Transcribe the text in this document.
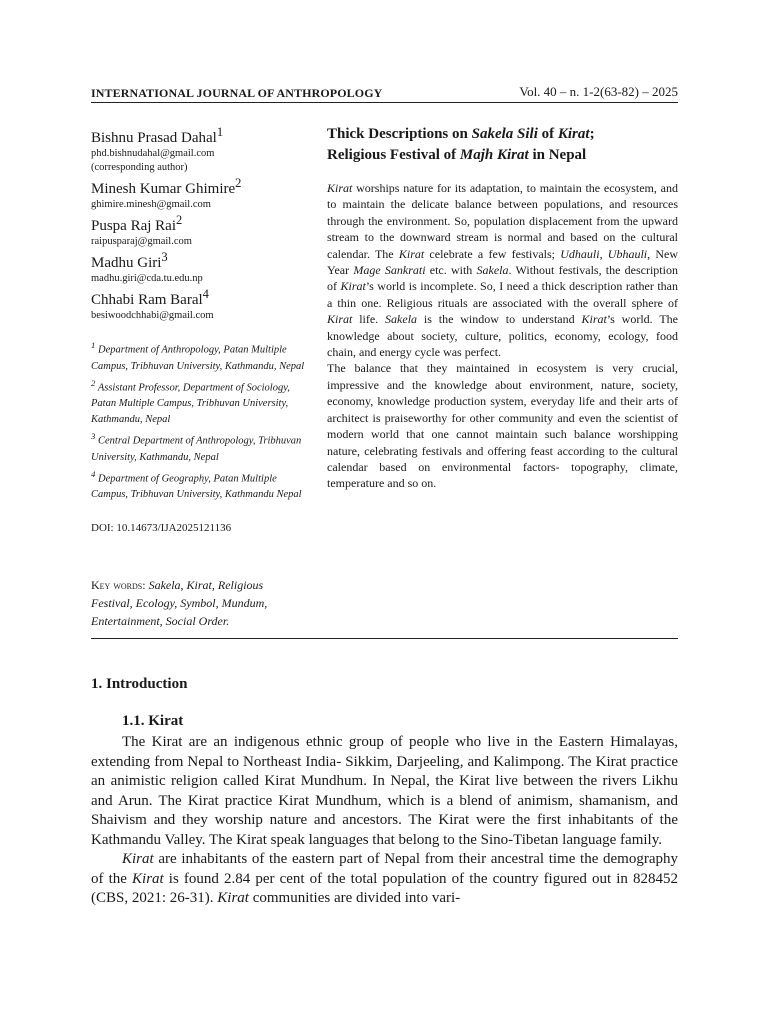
INTERNATIONAL JOURNAL OF ANTHROPOLOGY	Vol. 40 – n. 1-2(63-82) – 2025
Bishnu Prasad Dahal$^1$
phd.bishnudahal@gmail.com
(corresponding author)
Minesh Kumar Ghimire$^2$
ghimire.minesh@gmail.com
Puspa Raj Rai$^2$
raipusparaj@gmail.com
Madhu Giri$^3$
madhu.giri@cda.tu.edu.np
Chhabi Ram Baral$^4$
besiwoodchhabi@gmail.com
$^1$ Department of Anthropology, Patan Multiple Campus, Tribhuvan University, Kathmandu, Nepal
$^2$ Assistant Professor, Department of Sociology, Patan Multiple Campus, Tribhuvan University, Kathmandu, Nepal
$^3$ Central Department of Anthropology, Tribhuvan University, Kathmandu, Nepal
$^4$ Department of Geography, Patan Multiple Campus, Tribhuvan University, Kathmandu Nepal
DOI: 10.14673/IJA2025121136
Key words: Sakela, Kirat, Religious Festival, Ecology, Symbol, Mundum, Entertainment, Social Order.
Thick Descriptions on Sakela Sili of Kirat;
Religious Festival of Majh Kirat in Nepal

Kirat worships nature for its adaptation, to maintain the ecosystem, and to maintain the delicate balance between populations, and resources through the environment. So, population displacement from the upward stream to the downward stream is normal and based on the cultural calendar. The Kirat celebrate a few festivals; Udhauli, Ubhauli, New Year Mage Sankrati etc. with Sakela. Without festivals, the description of Kirat’s world is incomplete. So, I need a thick description rather than a thin one. Religious rituals are associated with the overall sphere of Kirat life. Sakela is the window to understand Kirat’s world. The knowledge about society, culture, politics, economy, ecology, food chain, and energy cycle was perfect.

The balance that they maintained in ecosystem is very crucial, impressive and the knowledge about environment, nature, society, economy, knowledge production system, everyday life and their arts of architect is praiseworthy for other community and even the scientist of modern world that one cannot maintain such balance worshipping nature, celebrating festivals and offering feast according to the cultural calendar based on environmental factors- topography, climate, temperature and so on.

1. Introduction
1.1. Kirat

The Kirat are an indigenous ethnic group of people who live in the Eastern Himalayas, extending from Nepal to Northeast India- Sikkim, Darjeeling, and Kalimpong. The Kirat practice an animistic religion called Kirat Mundhum. In Nepal, the Kirat live between the rivers Likhu and Arun. The Kirat practice Kirat Mundhum, which is a blend of animism, shamanism, and Shaivism and they worship nature and ancestors. The Kirat were the first inhabitants of the Kathmandu Valley. The Kirat speak languages that belong to the Sino-Tibetan language family.

Kirat are inhabitants of the eastern part of Nepal from their ancestral time the demography of the Kirat is found 2.84 per cent of the total population of the country figured out in 828452 (CBS, 2021: 26-31). Kirat communities are divided into vari-
